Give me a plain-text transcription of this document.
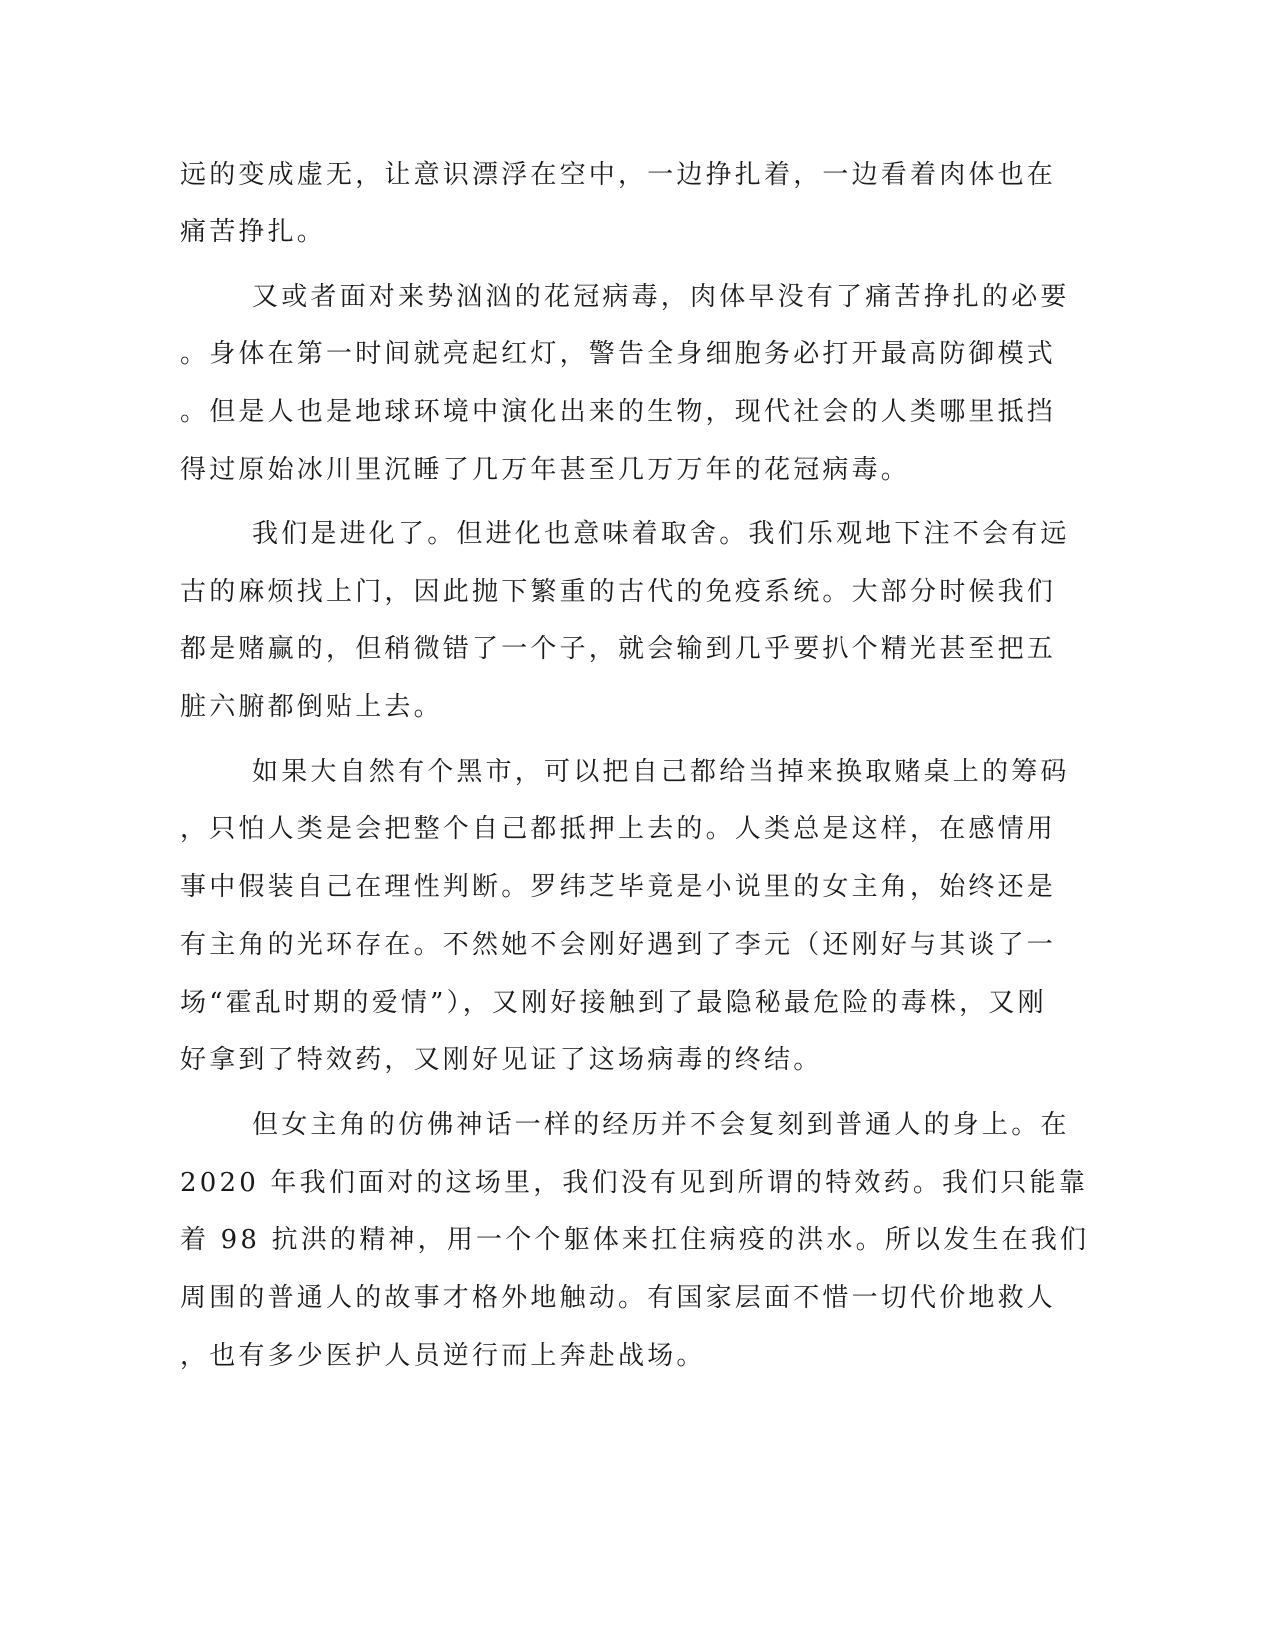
远的变成虚无，让意识漂浮在空中，一边挣扎着，一边看着肉体也在
痛苦挣扎。
又或者面对来势汹汹的花冠病毒，肉体早没有了痛苦挣扎的必要
。身体在第一时间就亮起红灯，警告全身细胞务必打开最高防御模式
。但是人也是地球环境中演化出来的生物，现代社会的人类哪里抵挡
得过原始冰川里沉睡了几万年甚至几万万年的花冠病毒。
我们是进化了。但进化也意味着取舍。我们乐观地下注不会有远
古的麻烦找上门，因此抛下繁重的古代的免疫系统。大部分时候我们
都是赌赢的，但稍微错了一个子，就会输到几乎要扒个精光甚至把五
脏六腑都倒贴上去。
如果大自然有个黑市，可以把自己都给当掉来换取赌桌上的筹码
，只怕人类是会把整个自己都抵押上去的。人类总是这样，在感情用
事中假装自己在理性判断。罗纬芝毕竟是小说里的女主角，始终还是
有主角的光环存在。不然她不会刚好遇到了李元（还刚好与其谈了一
场“霍乱时期的爱情”），又刚好接触到了最隐秘最危险的毒株，又刚
好拿到了特效药，又刚好见证了这场病毒的终结。
但女主角的仿佛神话一样的经历并不会复刻到普通人的身上。在
2020 年我们面对的这场里，我们没有见到所谓的特效药。我们只能靠
着 98 抗洪的精神，用一个个躯体来扛住病疫的洪水。所以发生在我们
周围的普通人的故事才格外地触动。有国家层面不惜一切代价地救人
，也有多少医护人员逆行而上奔赴战场。
